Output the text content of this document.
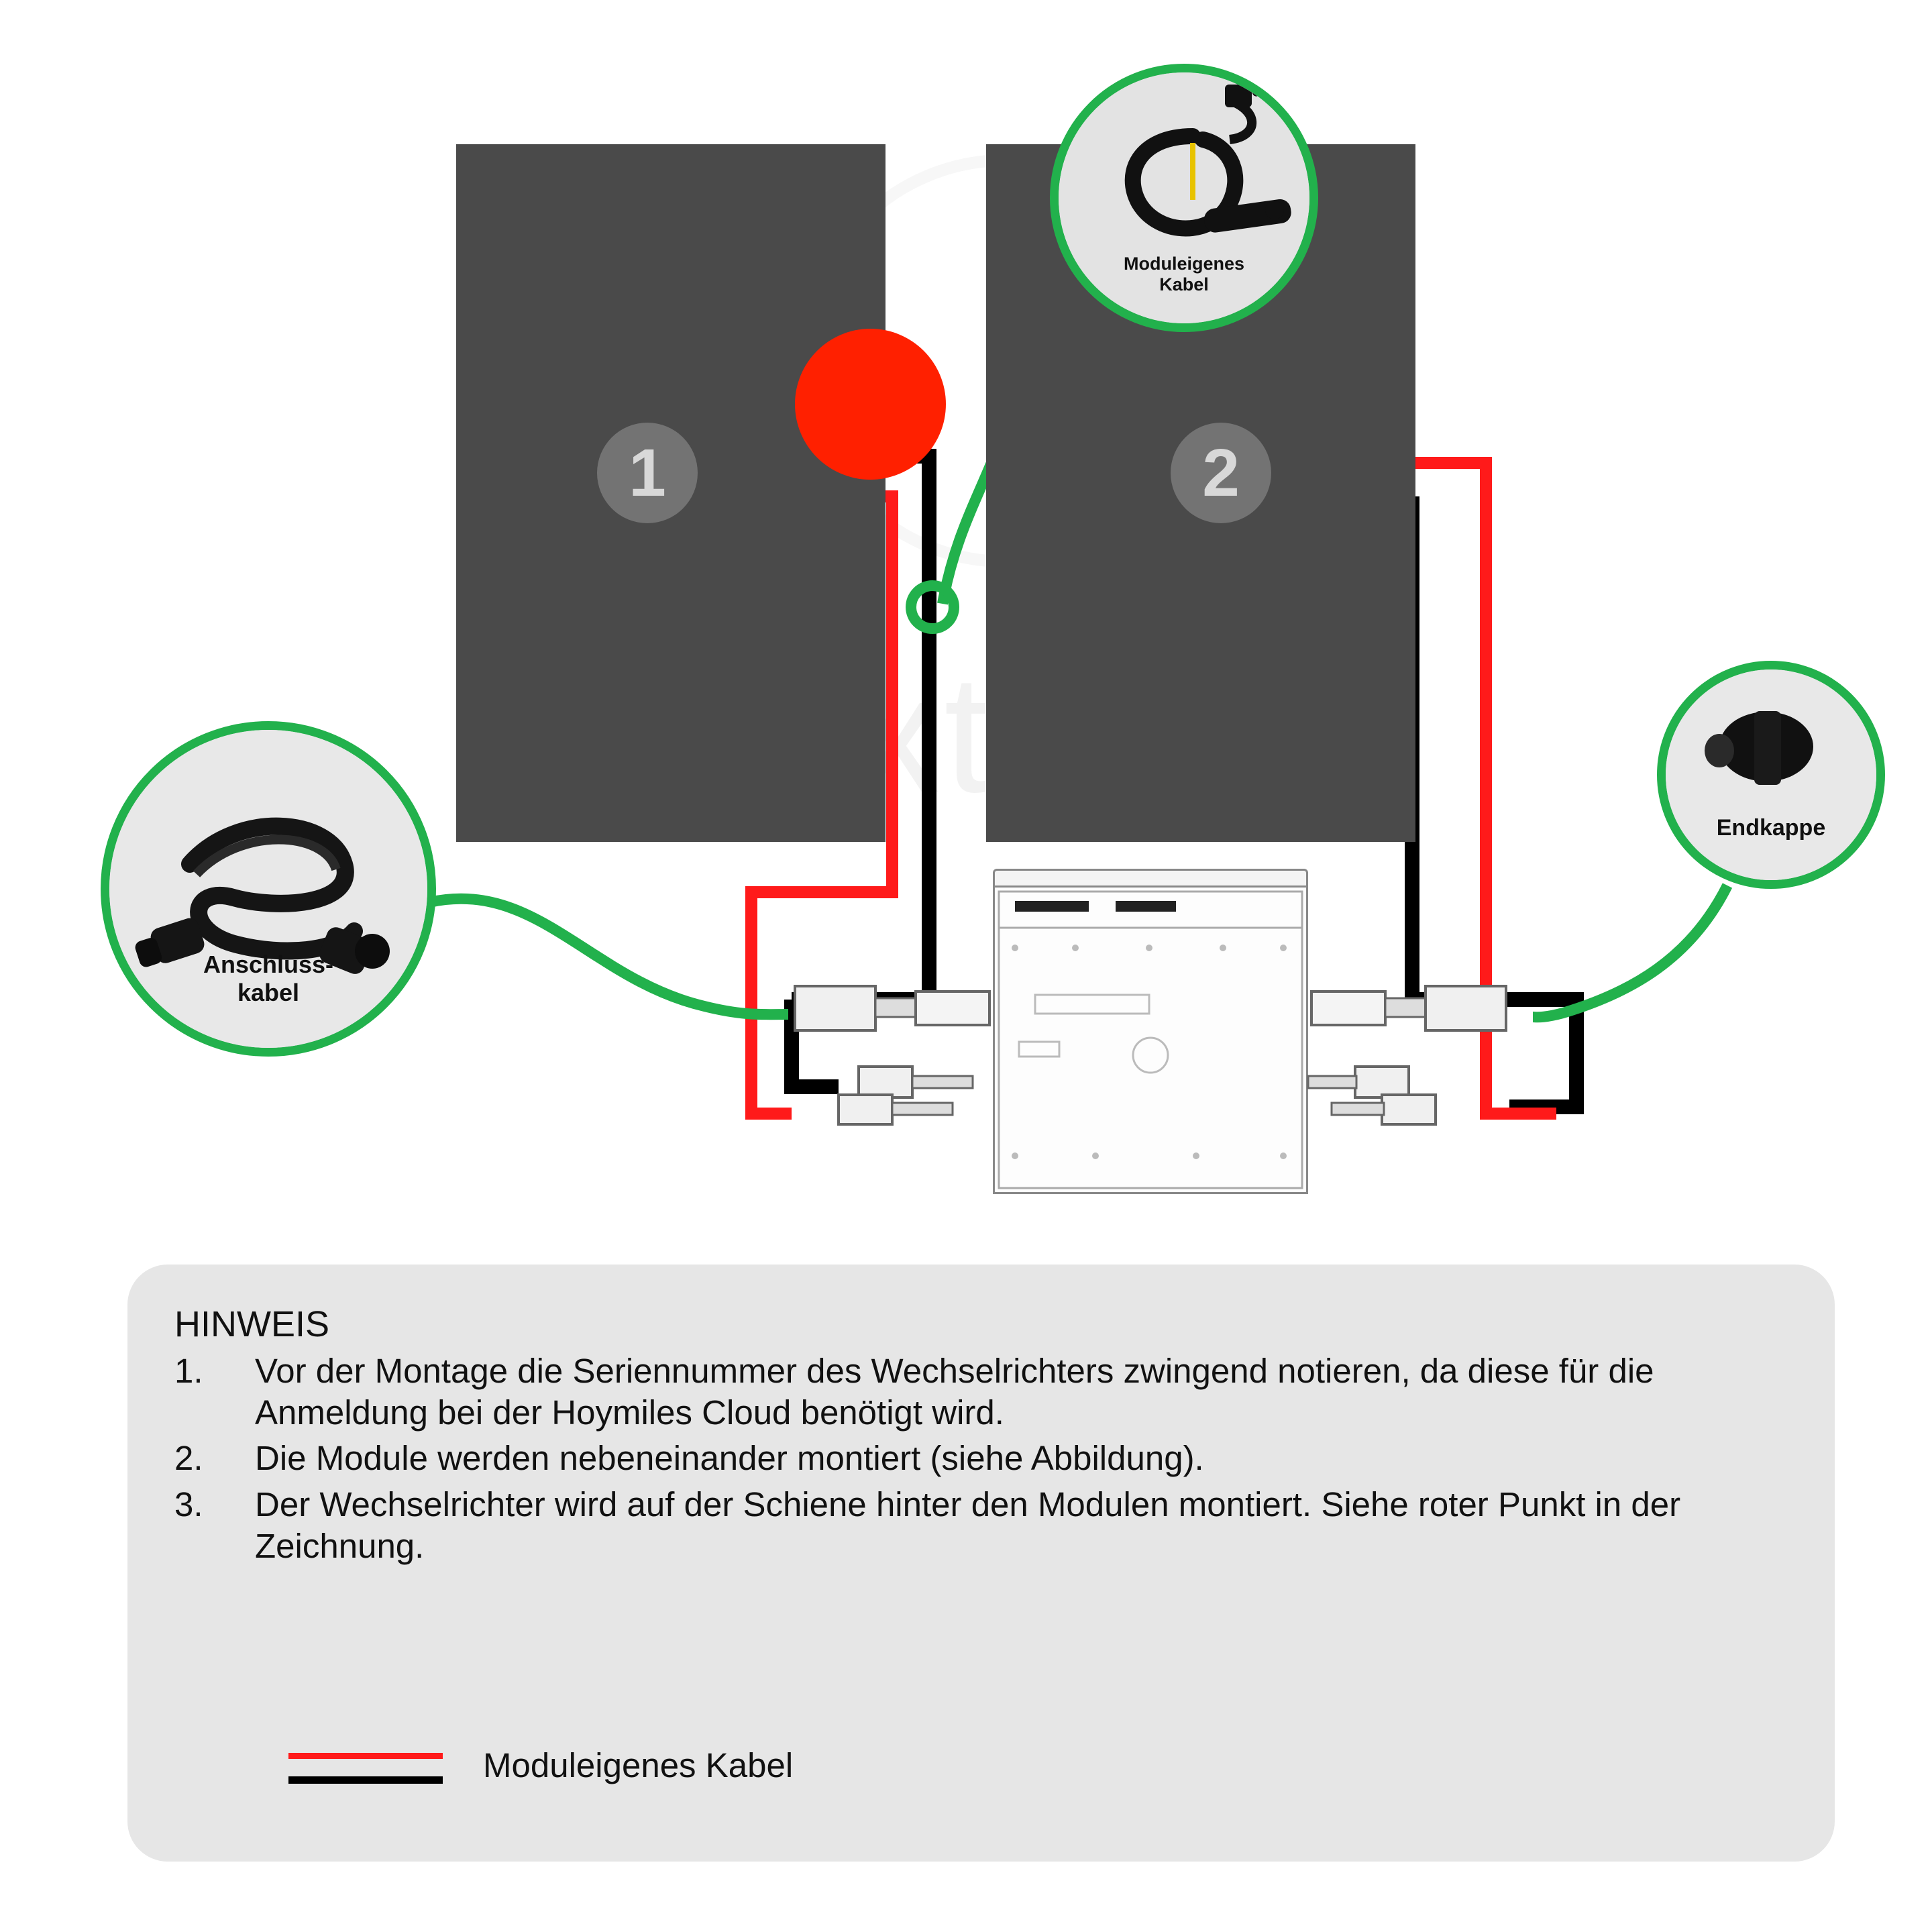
1	2
Moduleigenes
Kabel
Anschluss-
kabel
Endkappe
HINWEIS
1.	Vor der Montage die Seriennummer des Wechselrichters zwingend notieren, da diese für die Anmeldung bei der Hoymiles Cloud benötigt wird.
2.	Die Module werden nebeneinander montiert (siehe Abbildung).
3.	Der Wechselrichter wird auf der Schiene hinter den Modulen montiert. Siehe roter Punkt in der Zeichnung.
Moduleigenes Kabel
